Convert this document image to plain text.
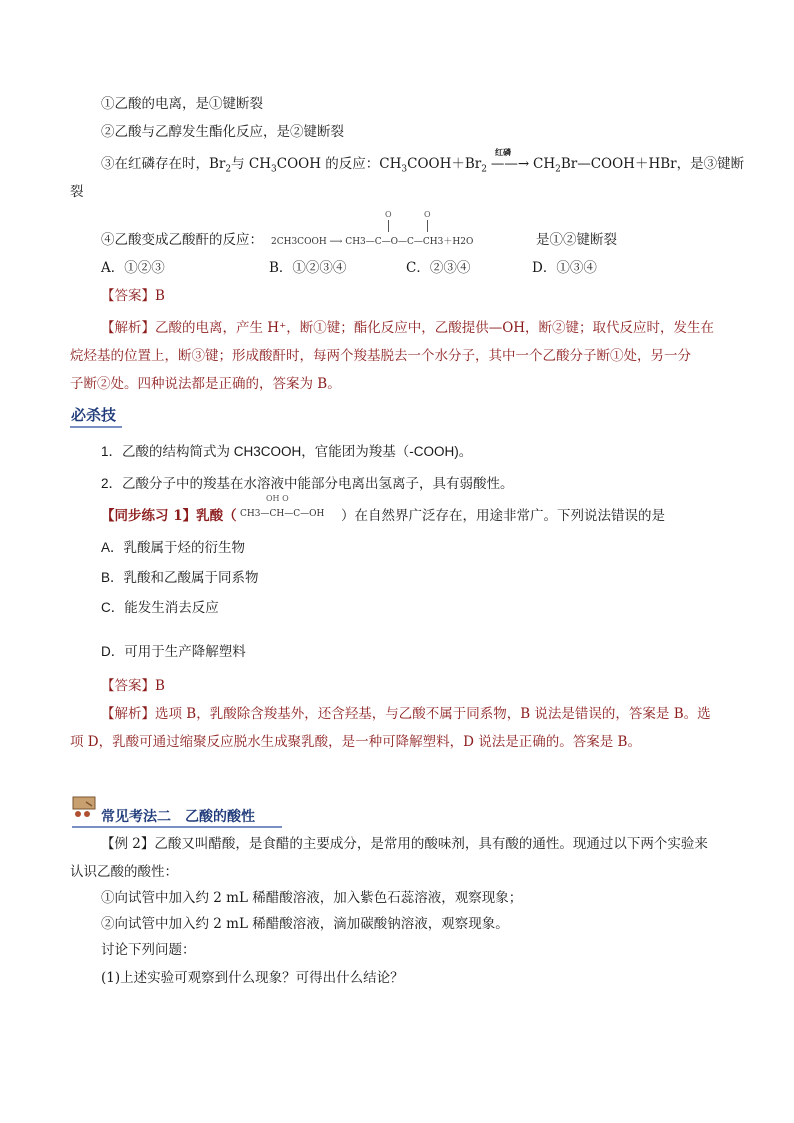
①乙酸的电离，是①键断裂
②乙酸与乙醇发生酯化反应，是②键断裂
③在红磷存在时，$Br_2$与 $CH_3COOH$ 的反应：$CH_3COOH+Br_2$
红磷
——→ $CH_2Br—COOH+HBr$，是③键断
裂
④乙酸变成乙酸酐的反应： 2CH3COOH ⟶ CH3—C—O—C—CH3＋H2O
O	O
是①②键断裂
A．①②③	B．①②③④	C．②③④	D．①③④
【答案】B
【解析】乙酸的电离，产生 H⁺，断①键；酯化反应中，乙酸提供—OH，断②键；取代反应时，发生在
烷烃基的位置上，断③键；形成酸酐时，每两个羧基脱去一个水分子，其中一个乙酸分子断①处，另一分
子断②处。四种说法都是正确的，答案为 B。
必杀技
1．乙酸的结构简式为 CH3COOH，官能团为羧基（-COOH)。
2．乙酸分子中的羧基在水溶液中能部分电离出氢离子，具有弱酸性。
【同步练习 1】乳酸（
OH O
CH3—CH—C—OH ）在自然界广泛存在，用途非常广。下列说法错误的是
A．乳酸属于烃的衍生物
B．乳酸和乙酸属于同系物
C．能发生消去反应
D．可用于生产降解塑料
【答案】B
【解析】选项 B，乳酸除含羧基外，还含羟基，与乙酸不属于同系物，B 说法是错误的，答案是 B。选
项 D，乳酸可通过缩聚反应脱水生成聚乳酸，是一种可降解塑料，D 说法是正确的。答案是 B。
常见考法二　乙酸的酸性
【例 2】乙酸又叫醋酸，是食醋的主要成分，是常用的酸味剂，具有酸的通性。现通过以下两个实验来
认识乙酸的酸性：
①向试管中加入约 2 mL 稀醋酸溶液，加入紫色石蕊溶液，观察现象；
②向试管中加入约 2 mL 稀醋酸溶液，滴加碳酸钠溶液，观察现象。
讨论下列问题：
(1)上述实验可观察到什么现象？可得出什么结论？
